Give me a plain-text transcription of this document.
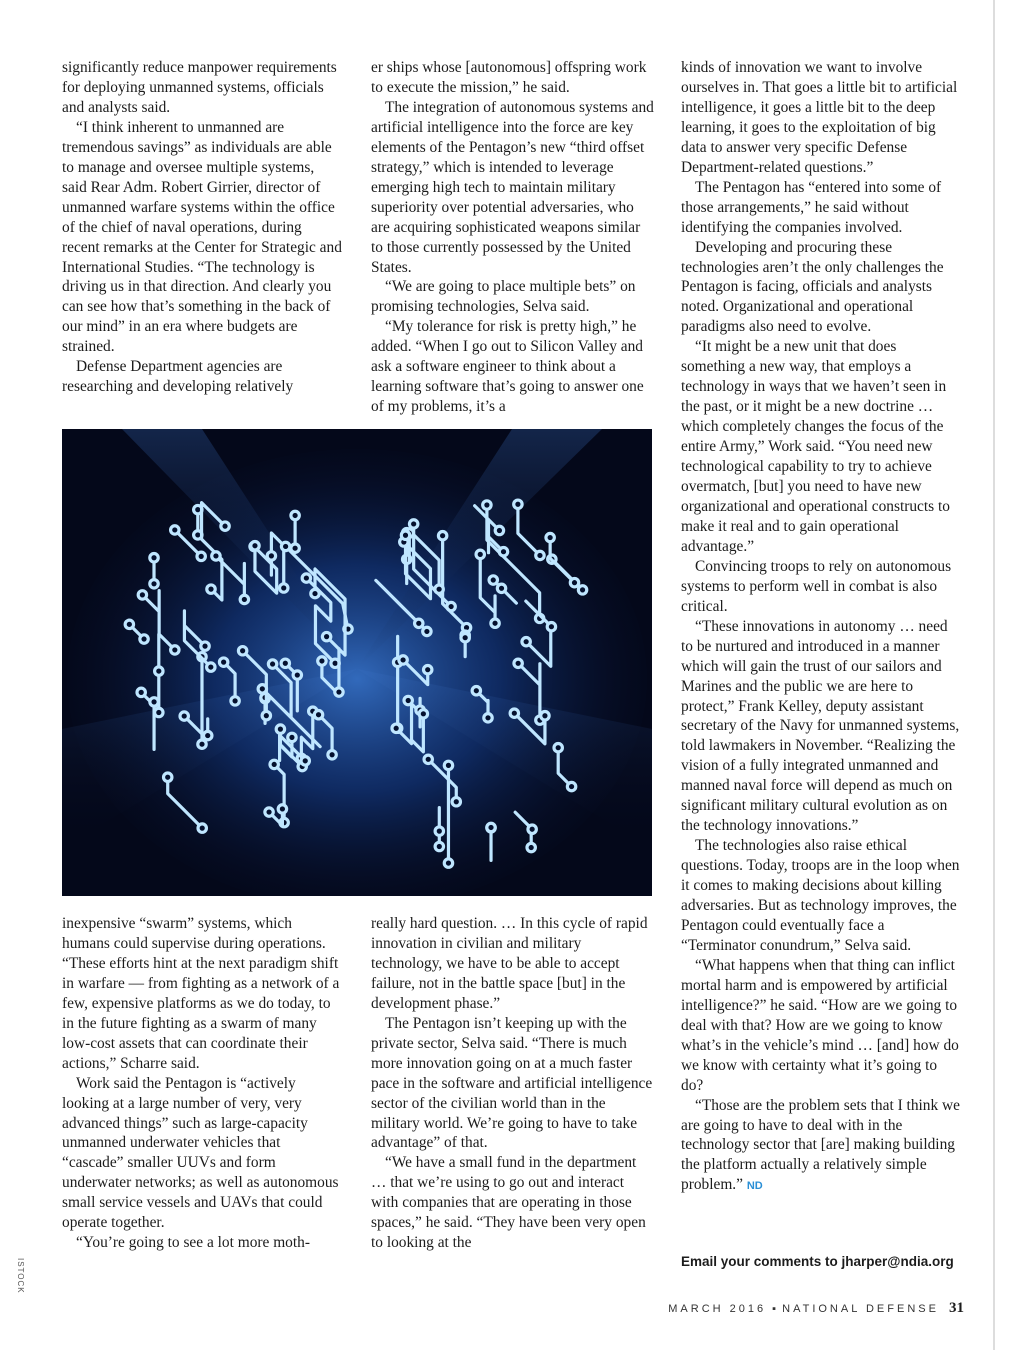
significantly reduce manpower requirements for deploying unmanned systems, officials and analysts said.

“I think inherent to unmanned are tremendous savings” as individuals are able to manage and oversee multiple systems, said Rear Adm. Robert Girrier, director of unmanned warfare systems within the office of the chief of naval operations, during recent remarks at the Center for Strategic and International Studies. “The technology is driving us in that direction. And clearly you can see how that’s something in the back of our mind” in an era where budgets are strained.

Defense Department agencies are researching and developing relatively

er ships whose [autonomous] offspring work to execute the mission,” he said.

The integration of autonomous systems and artificial intelligence into the force are key elements of the Pentagon’s new “third offset strategy,” which is intended to leverage emerging high tech to maintain military superiority over potential adversaries, who are acquiring sophisticated weapons similar to those currently possessed by the United States.

“We are going to place multiple bets” on promising technologies, Selva said.

“My tolerance for risk is pretty high,” he added. “When I go out to Silicon Valley and ask a software engineer to think about a learning software that’s going to answer one of my problems, it’s a

inexpensive “swarm” systems, which humans could supervise during operations. “These efforts hint at the next paradigm shift in warfare — from fighting as a network of a few, expensive platforms as we do today, to in the future fighting as a swarm of many low-cost assets that can coordinate their actions,” Scharre said.

Work said the Pentagon is “actively looking at a large number of very, very advanced things” such as large-capacity unmanned underwater vehicles that “cascade” smaller UUVs and form underwater networks; as well as autonomous small service vessels and UAVs that could operate together.

“You’re going to see a lot more moth-

really hard question. … In this cycle of rapid innovation in civilian and military technology, we have to be able to accept failure, not in the battle space [but] in the development phase.”

The Pentagon isn’t keeping up with the private sector, Selva said. “There is much more innovation going on at a much faster pace in the software and artificial intelligence sector of the civilian world than in the military world. We’re going to have to take advantage” of that.

“We have a small fund in the department … that we’re using to go out and interact with companies that are operating in those spaces,” he said. “They have been very open to looking at the

kinds of innovation we want to involve ourselves in. That goes a little bit to artificial intelligence, it goes a little bit to the deep learning, it goes to the exploitation of big data to answer very specific Defense Department-related questions.”

The Pentagon has “entered into some of those arrangements,” he said without identifying the companies involved.

Developing and procuring these technologies aren’t the only challenges the Pentagon is facing, officials and analysts noted. Organizational and operational paradigms also need to evolve.

“It might be a new unit that does something a new way, that employs a technology in ways that we haven’t seen in the past, or it might be a new doctrine … which completely changes the focus of the entire Army,” Work said. “You need new technological capability to try to achieve overmatch, [but] you need to have new organizational and operational constructs to make it real and to gain operational advantage.”

Convincing troops to rely on autonomous systems to perform well in combat is also critical.

“These innovations in autonomy … need to be nurtured and introduced in a manner which will gain the trust of our sailors and Marines and the public we are here to protect,” Frank Kelley, deputy assistant secretary of the Navy for unmanned systems, told lawmakers in November. “Realizing the vision of a fully integrated unmanned and manned naval force will depend as much on significant military cultural evolution as on the technology innovations.”

The technologies also raise ethical questions. Today, troops are in the loop when it comes to making decisions about killing adversaries. But as technology improves, the Pentagon could eventually face a “Terminator conundrum,” Selva said.

“What happens when that thing can inflict mortal harm and is empowered by artificial intelligence?” he said. “How are we going to deal with that? How are we going to know what’s in the vehicle’s mind … [and] how do we know with certainty what it’s going to do?

“Those are the problem sets that I think we are going to have to deal with in the technology sector that [are] making building the platform actually a relatively simple problem.” ND

Email your comments to jharper@ndia.org
ISTOCK
MARCH 2016 ▪ NATIONAL DEFENSE 31
